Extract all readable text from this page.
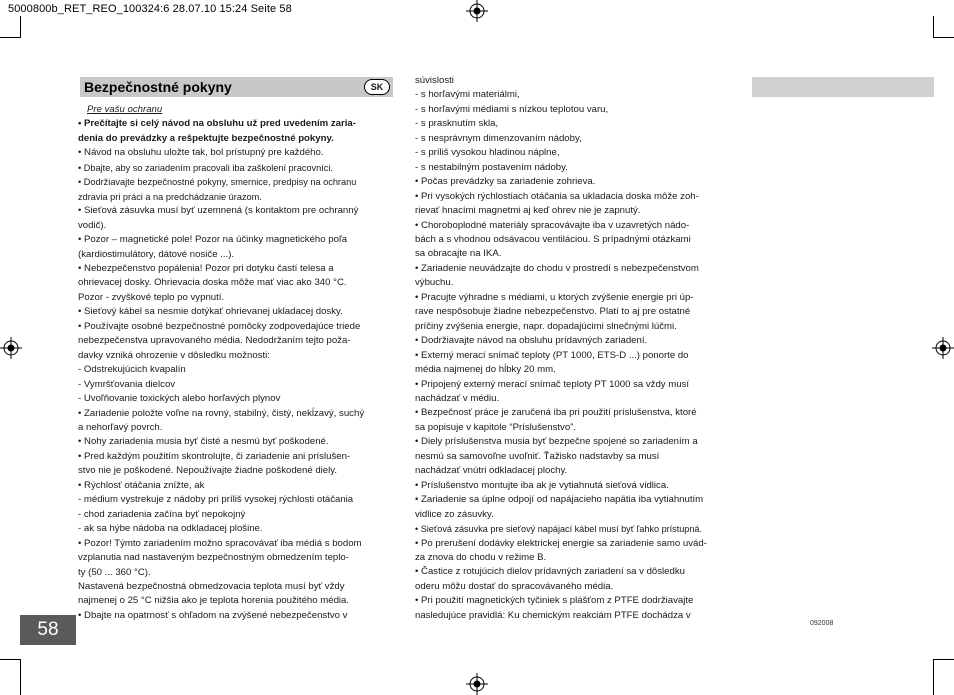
5000800b_RET_REO_100324:6 28.07.10 15:24 Seite 58
Bezpečnostné pokyny	SK
Pre vašu ochranu
• Prečítajte si celý návod na obsluhu už pred uvedením zaria-
denia do prevádzky a rešpektujte bezpečnostné pokyny.
• Návod na obsluhu uložte tak, bol prístupný pre každého.
• Dbajte, aby so zariadením pracovali iba zaškolení pracovníci.
• Dodržiavajte bezpečnostné pokyny, smernice, predpisy na ochranu
zdravia pri práci a na predchádzanie úrazom.
• Sieťová zásuvka musí byť uzemnená (s kontaktom pre ochranný
vodič).
• Pozor – magnetické pole! Pozor na účinky magnetického poľa
(kardiostimulátory, dátové nosiče ...).
• Nebezpečenstvo popálenia! Pozor pri dotyku častí telesa a
ohrievacej dosky. Ohrievacia doska môže mať viac ako 340 °C.
Pozor - zvyškové teplo po vypnutí.
• Sieťový kábel sa nesmie dotýkať ohrievanej ukladacej dosky.
• Používajte osobné bezpečnostné pomôcky zodpovedajúce triede
nebezpečenstva upravovaného média. Nedodržaním tejto poža-
davky vzniká ohrozenie v dôsledku možnosti:
- Odstrekujúcich kvapalín
- Vymršťovania dielcov
- Uvoľňovanie toxických alebo horľavých plynov
• Zariadenie položte voľne na rovný, stabilný, čistý, nekĺzavý, suchý
a nehorľavý povrch.
• Nohy zariadenia musia byť čisté a nesmú byť poškodené.
• Pred každým použitím skontrolujte, či zariadenie ani príslušen-
stvo nie je poškodené. Nepoužívajte žiadne poškodené diely.
• Rýchlosť otáčania znížte, ak
- médium vystrekuje z nádoby pri príliš vysokej rýchlosti otáčania
- chod zariadenia začína byť nepokojný
- ak sa hýbe nádoba na odkladacej plošine.
• Pozor! Týmto zariadením možno spracovávať iba médiá s bodom
vzplanutia nad nastaveným bezpečnostným obmedzením teplo-
ty (50 ... 360 °C).
Nastavená bezpečnostná obmedzovacia teplota musí byť vždy
najmenej o 25 °C nižšia ako je teplota horenia použitého média.
• Dbajte na opatrnosť s ohľadom na zvýšené nebezpečenstvo v
súvislosti
- s horľavými materiálmi,
- s horľavými médiami s nízkou teplotou varu,
- s prasknutím skla,
- s nesprávnym dimenzovaním nádoby,
- s príliš vysokou hladinou náplne,
- s nestabilným postavením nádoby.
• Počas prevádzky sa zariadenie zohrieva.
• Pri vysokých rýchlostiach otáčania sa ukladacia doska môže zoh-
rievať hnacími magnetmi aj keď ohrev nie je zapnutý.
• Choroboplodné materiály spracovávajte iba v uzavretých nádo-
bách a s vhodnou odsávacou ventiláciou. S prípadnými otázkami
sa obracajte na IKA.
• Zariadenie neuvádzajte do chodu v prostredí s nebezpečenstvom
výbuchu.
• Pracujte výhradne s médiami, u ktorých zvýšenie energie pri úp-
rave nespôsobuje žiadne nebezpečenstvo. Platí to aj pre ostatné
príčiny zvýšenia energie, napr. dopadajúcimi slnečnými lúčmi.
• Dodržiavajte návod na obsluhu prídavných zariadení.
• Externý merací snímač teploty (PT 1000, ETS-D ...) ponorte do
média najmenej do hĺbky 20 mm.
• Pripojený externý merací snímač teploty PT 1000 sa vždy musí
nachádzať v médiu.
• Bezpečnosť práce je zaručená iba pri použití príslušenstva, ktoré
sa popisuje v kapitole “Príslušenstvo”.
• Diely príslušenstva musia byť bezpečne spojené so zariadením a
nesmú sa samovoľne uvoľniť. Ťažisko nadstavby sa musí
nachádzať vnútri odkladacej plochy.
• Príslušenstvo montujte iba ak je vytiahnutá sieťová vidlica.
• Zariadenie sa úplne odpojí od napájacieho napätia iba vytiahnutím
vidlice zo zásuvky.
• Sieťová zásuvka pre sieťový napájací kábel musí byť ľahko prístupná.
• Po prerušení dodávky elektrickej energie sa zariadenie samo uvád-
za znova do chodu v režime B.
• Častice z rotujúcich dielov prídavných zariadení sa v dôsledku
oderu môžu dostať do spracovávaného média.
• Pri použití magnetických tyčiniek s plášťom z PTFE dodržiavajte
nasledujúce pravidlá: Ku chemickým reakciám PTFE dochádza v
58	092008
